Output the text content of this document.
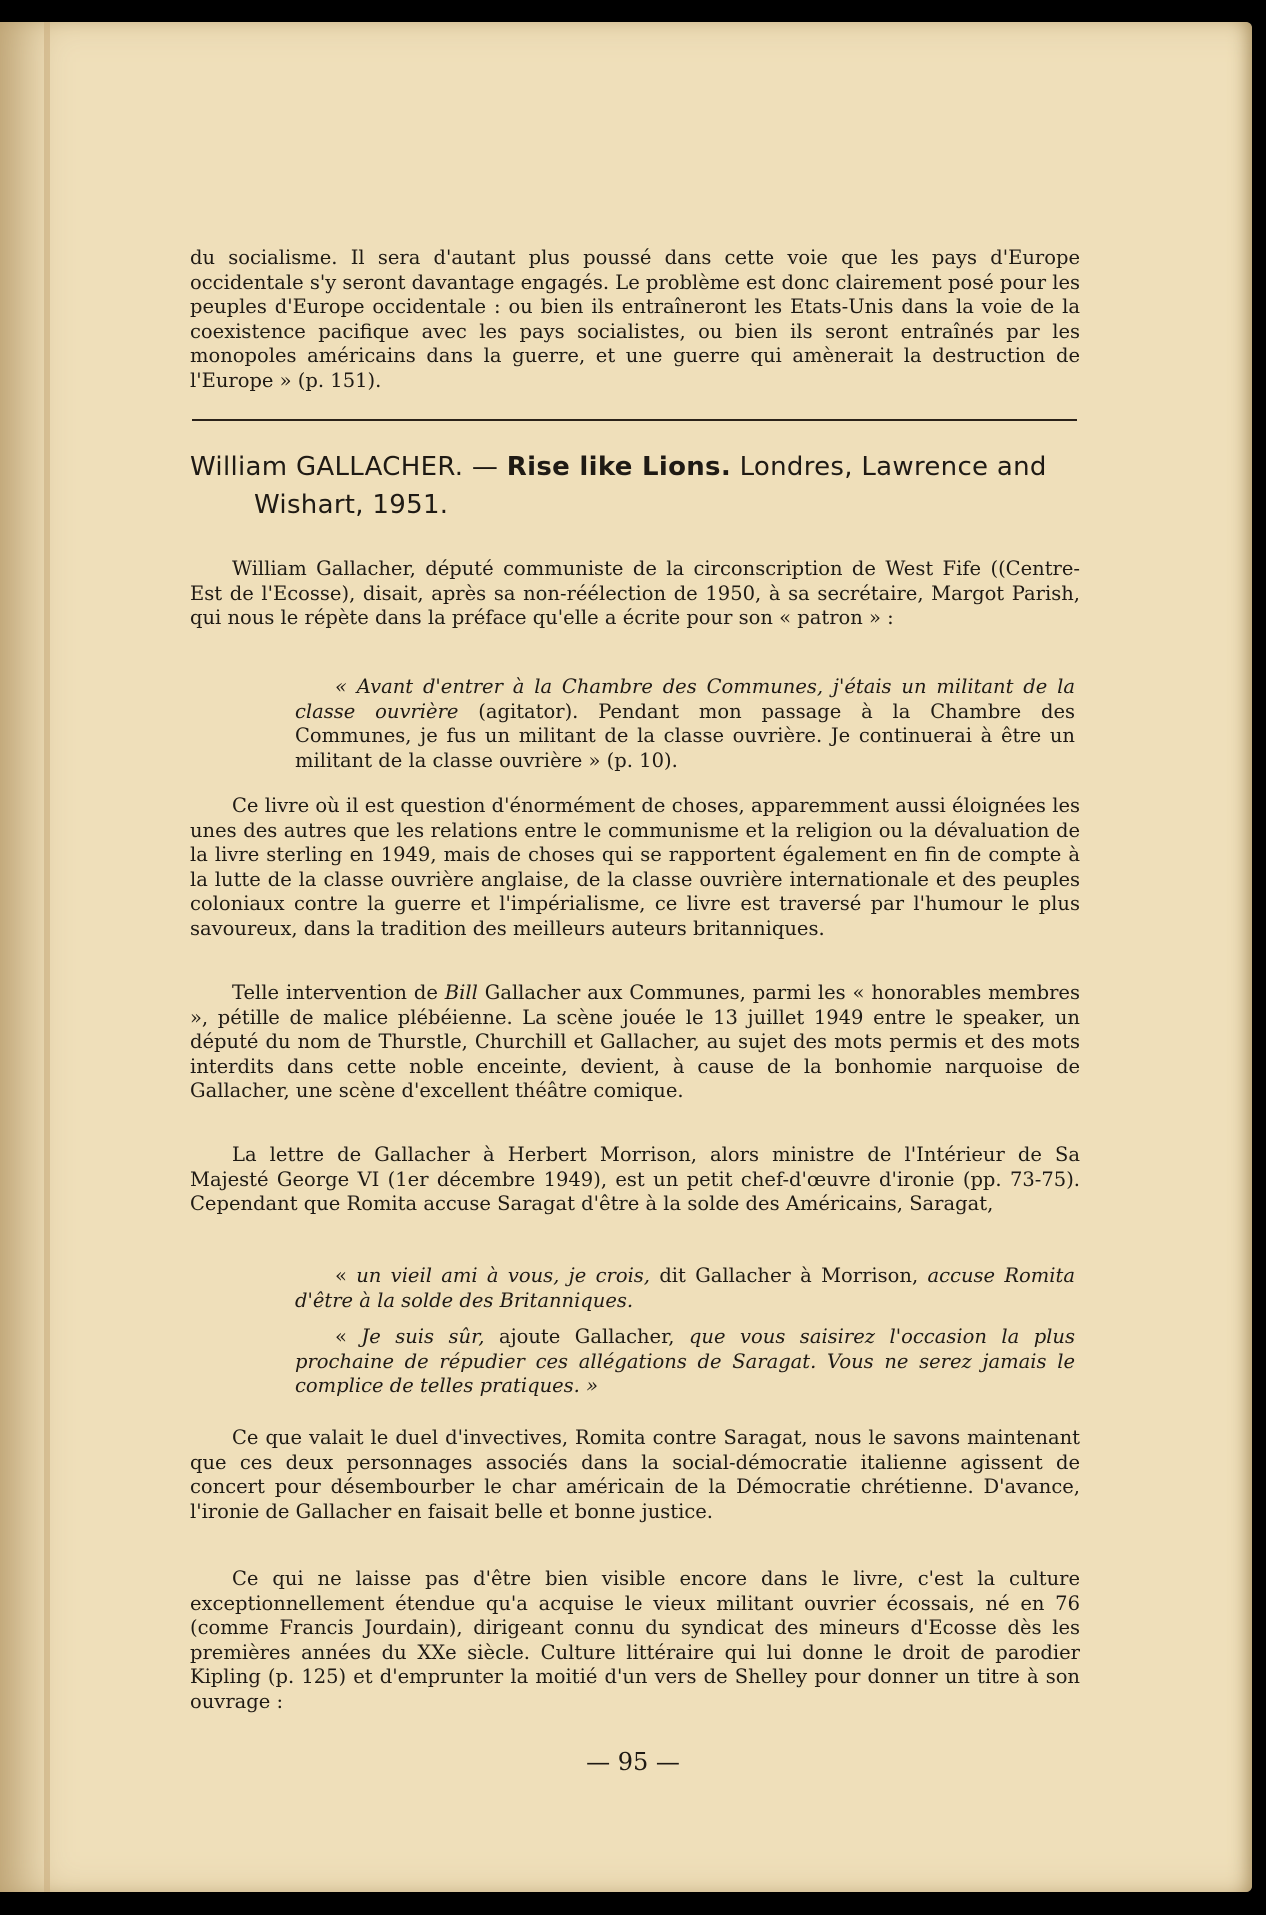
du socialisme. Il sera d'autant plus poussé dans cette voie que les pays d'Europe occidentale s'y seront davantage engagés. Le problème est donc clairement posé pour les peuples d'Europe occidentale : ou bien ils entraîneront les Etats-Unis dans la voie de la coexistence pacifique avec les pays socialistes, ou bien ils seront entraînés par les monopoles américains dans la guerre, et une guerre qui amènerait la destruction de l'Europe » (p. 151).
William GALLACHER. — Rise like Lions. Londres, Lawrence and
Wishart, 1951.
William Gallacher, député communiste de la circonscription de West Fife ((Centre-Est de l'Ecosse), disait, après sa non-réélection de 1950, à sa secrétaire, Margot Parish, qui nous le répète dans la préface qu'elle a écrite pour son « patron » :
« Avant d'entrer à la Chambre des Communes, j'étais un militant de la classe ouvrière (agitator). Pendant mon passage à la Chambre des Communes, je fus un militant de la classe ouvrière. Je continuerai à être un militant de la classe ouvrière » (p. 10).
Ce livre où il est question d'énormément de choses, apparemment aussi éloignées les unes des autres que les relations entre le communisme et la religion ou la dévaluation de la livre sterling en 1949, mais de choses qui se rapportent également en fin de compte à la lutte de la classe ouvrière anglaise, de la classe ouvrière internationale et des peuples coloniaux contre la guerre et l'impérialisme, ce livre est traversé par l'humour le plus savoureux, dans la tradition des meilleurs auteurs britanniques.
Telle intervention de Bill Gallacher aux Communes, parmi les « honorables membres », pétille de malice plébéienne. La scène jouée le 13 juillet 1949 entre le speaker, un député du nom de Thurstle, Churchill et Gallacher, au sujet des mots permis et des mots interdits dans cette noble enceinte, devient, à cause de la bonhomie narquoise de Gallacher, une scène d'excellent théâtre comique.
La lettre de Gallacher à Herbert Morrison, alors ministre de l'Intérieur de Sa Majesté George VI (1er décembre 1949), est un petit chef-d'œuvre d'ironie (pp. 73-75). Cependant que Romita accuse Saragat d'être à la solde des Américains, Saragat,
« un vieil ami à vous, je crois, dit Gallacher à Morrison, accuse Romita d'être à la solde des Britanniques.
« Je suis sûr, ajoute Gallacher, que vous saisirez l'occasion la plus prochaine de répudier ces allégations de Saragat. Vous ne serez jamais le complice de telles pratiques. »
Ce que valait le duel d'invectives, Romita contre Saragat, nous le savons maintenant que ces deux personnages associés dans la social-démocratie italienne agissent de concert pour désembourber le char américain de la Démocratie chrétienne. D'avance, l'ironie de Gallacher en faisait belle et bonne justice.
Ce qui ne laisse pas d'être bien visible encore dans le livre, c'est la culture exceptionnellement étendue qu'a acquise le vieux militant ouvrier écossais, né en 76 (comme Francis Jourdain), dirigeant connu du syndicat des mineurs d'Ecosse dès les premières années du XXe siècle. Culture littéraire qui lui donne le droit de parodier Kipling (p. 125) et d'emprunter la moitié d'un vers de Shelley pour donner un titre à son ouvrage :
— 95 —
